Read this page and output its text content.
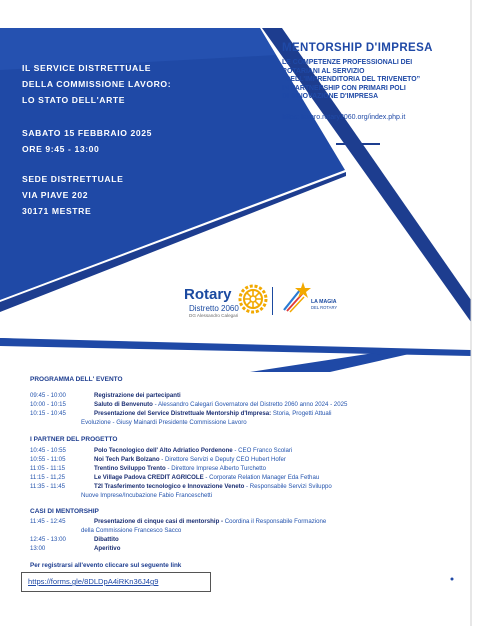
IL SERVICE DISTRETTUALE
DELLA COMMISSIONE LAVORO:
LO STATO DELL'ARTE
SABATO 15 FEBBRAIO 2025
ORE 9:45 - 13:00
SEDE DISTRETTUALE
VIA PIAVE 202
30171 MESTRE
MENTORSHIP D'IMPRESA
LE COMPETENZE PROFESSIONALI DEI
ROTARIANI AL SERVIZIO
“DELL'IMPRENDITORIA DEL TRIVENETO”
IN PARTNERSHIP CON PRIMARI POLI
DI INNOVAZIONE D'IMPRESA
https: lavoro.rotary2060.org/index.php.it
Rotary
Distretto 2060
DG Alessandro Calegari
LA MAGIA
DEL ROTARY
PROGRAMMA DELL' EVENTO
09:45 - 10:00	Registrazione dei partecipanti
10:00 - 10:15	Saluto di Benvenuto - Alessandro Calegari Governatore del Distretto 2060 anno 2024 - 2025
10:15 - 10:45	Presentazione del Service Distrettuale Mentorship d'Impresa: Storia, Progetti Attuali
Evoluzione - Giusy Mainardi Presidente Commissione Lavoro
I PARTNER DEL PROGETTO
10:45 - 10:55	Polo Tecnologico dell' Alto Adriatico Pordenone - CEO Franco Scolari
10:55 - 11:05	Noi Tech Park Bolzano - Direttore Servizi e Deputy CEO Hubert Hofer
11:05 - 11:15	Trentino Sviluppo Trento - Direttore Imprese Alberto Turchetto
11:15 - 11,25	Le Village Padova CREDIT AGRICOLE - Corporate Relation Manager Eda Fethau
11:35 - 11:45	T2I Trasferimento tecnologico e Innovazione Veneto - Responsabile Servizi Sviluppo
Nuove Imprese/Incubazione Fabio Franceschetti
CASI DI MENTORSHIP
11:45 - 12:45	Presentazione di cinque casi di mentorship - Coordina il Responsabile Formazione
della Commissione Francesco Sacco
12:45 - 13:00	Dibattito
13:00	Aperitivo
Per registrarsi all'evento cliccare sul seguente link
https://forms.gle/8DLDpA4iRKn36J4g9
Distretto 2060
Rotary
Friuli Venezia Giulia
Trentino-Alto Adige/Südtirol
Veneto
